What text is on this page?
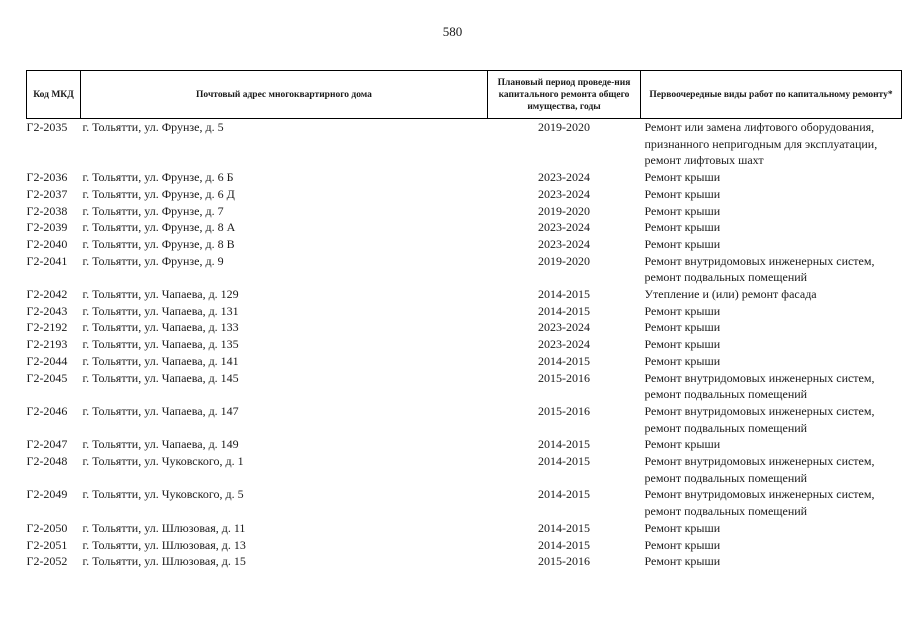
580
Код МКД	Почтовый адрес многоквартирного дома	Плановый период проведе-ния капитального ремонта общего имущества, годы	Первоочередные виды работ по капитальному ремонту*
Г2-2035	г. Тольятти, ул. Фрунзе, д. 5	2019-2020	Ремонт или замена лифтового оборудования,
признанного непригодным для эксплуатации,
ремонт лифтовых шахт

Г2-2036	г. Тольятти, ул. Фрунзе, д. 6 Б	2023-2024	Ремонт крыши

Г2-2037	г. Тольятти, ул. Фрунзе, д. 6 Д	2023-2024	Ремонт крыши

Г2-2038	г. Тольятти, ул. Фрунзе, д. 7	2019-2020	Ремонт крыши

Г2-2039	г. Тольятти, ул. Фрунзе, д. 8 А	2023-2024	Ремонт крыши

Г2-2040	г. Тольятти, ул. Фрунзе, д. 8 В	2023-2024	Ремонт крыши

Г2-2041	г. Тольятти, ул. Фрунзе, д. 9	2019-2020	Ремонт внутридомовых инженерных систем,
ремонт подвальных помещений

Г2-2042	г. Тольятти, ул. Чапаева, д. 129	2014-2015	Утепление и (или) ремонт фасада

Г2-2043	г. Тольятти, ул. Чапаева, д. 131	2014-2015	Ремонт крыши

Г2-2192	г. Тольятти, ул. Чапаева, д. 133	2023-2024	Ремонт крыши

Г2-2193	г. Тольятти, ул. Чапаева, д. 135	2023-2024	Ремонт крыши

Г2-2044	г. Тольятти, ул. Чапаева, д. 141	2014-2015	Ремонт крыши

Г2-2045	г. Тольятти, ул. Чапаева, д. 145	2015-2016	Ремонт внутридомовых инженерных систем,
ремонт подвальных помещений

Г2-2046	г. Тольятти, ул. Чапаева, д. 147	2015-2016	Ремонт внутридомовых инженерных систем,
ремонт подвальных помещений

Г2-2047	г. Тольятти, ул. Чапаева, д. 149	2014-2015	Ремонт крыши

Г2-2048	г. Тольятти, ул. Чуковского, д. 1	2014-2015	Ремонт внутридомовых инженерных систем,
ремонт подвальных помещений

Г2-2049	г. Тольятти, ул. Чуковского, д. 5	2014-2015	Ремонт внутридомовых инженерных систем,
ремонт подвальных помещений

Г2-2050	г. Тольятти, ул. Шлюзовая, д. 11	2014-2015	Ремонт крыши

Г2-2051	г. Тольятти, ул. Шлюзовая, д. 13	2014-2015	Ремонт крыши

Г2-2052	г. Тольятти, ул. Шлюзовая, д. 15	2015-2016	Ремонт крыши
